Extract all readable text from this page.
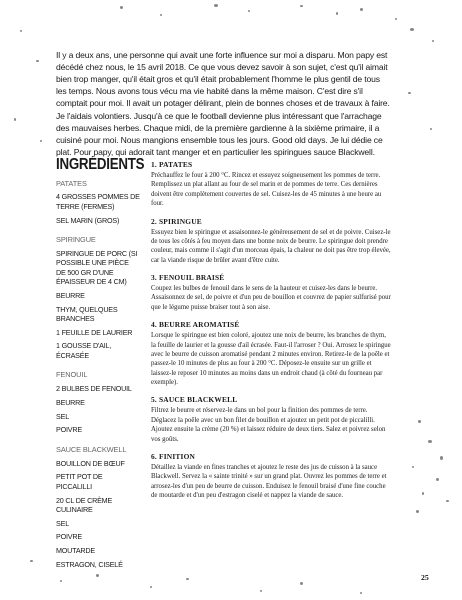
Il y a deux ans, une personne qui avait une forte influence sur moi a disparu. Mon papy est décédé chez nous, le 15 avril 2018. Ce que vous devez savoir à son sujet, c'est qu'il aimait bien trop manger, qu'il était gros et qu'il était probablement l'homme le plus gentil de tous les temps. Nous avons tous vécu ma vie habité dans la même maison. C'est dire s'il comptait pour moi. Il avait un potager délirant, plein de bonnes choses et de travaux à faire. Je l'aidais volontiers. Jusqu'à ce que le football devienne plus intéressant que l'arrachage des mauvaises herbes. Chaque midi, de la première gardienne à la sixième primaire, il a cuisiné pour moi. Nous mangions ensemble tous les jours. Good old days. Je lui dédie ce plat. Pour papy, qui adorait tant manger et en particulier les spiringues sauce Blackwell.

INGRÉDIENTS
PATATES
4 GROSSES POMMES DE TERRE (FERMES)
SEL MARIN (GROS)
SPIRINGUE
SPIRINGUE DE PORC (SI POSSIBLE UNE PIÈCE DE 500 GR D'UNE ÉPAISSEUR DE 4 CM)
BEURRE
THYM, QUELQUES BRANCHES
1 FEUILLE DE LAURIER
1 GOUSSE D'AIL, ÉCRASÉE
FENOUIL
2 BULBES DE FENOUIL
BEURRE
SEL
POIVRE
SAUCE BLACKWELL
BOUILLON DE BŒUF
PETIT POT DE PICCALILLI
20 CL DE CRÈME CULINAIRE
SEL
POIVRE
MOUTARDE
ESTRAGON, CISELÉ
1. PATATES
Préchauffez le four à 200 °C. Rincez et essuyez soigneusement les pommes de terre. Remplissez un plat allant au four de sel marin et de pommes de terre. Ces dernières doivent être complètement couvertes de sel. Cuisez-les de 45 minutes à une heure au four.
2. SPIRINGUE
Essuyez bien le spiringue et assaisonnez-le généreusement de sel et de poivre. Cuisez-le de tous les côtés à feu moyen dans une bonne noix de beurre. Le spiringue doit prendre couleur, mais comme il s'agit d'un morceau épais, la chaleur ne doit pas être trop élevée, car la viande risque de brûler avant d'être cuite.
3. FENOUIL BRAISÉ
Coupez les bulbes de fenouil dans le sens de la hauteur et cuisez-les dans le beurre. Assaisonnez de sel, de poivre et d'un peu de bouillon et couvrez de papier sulfurisé pour que le légume puisse braiser tout à son aise.
4. BEURRE AROMATISÉ
Lorsque le spiringue est bien coloré, ajoutez une noix de beurre, les branches de thym, la feuille de laurier et la gousse d'ail écrasée. Faut-il l'arroser ? Oui. Arrosez le spiringue avec le beurre de cuisson aromatisé pendant 2 minutes environ. Retirez-le de la poêle et passez-le 10 minutes de plus au four à 200 °C. Déposez-le ensuite sur un grille et laissez-le reposer 10 minutes au moins dans un endroit chaud (à côté du fourneau par exemple).
5. SAUCE BLACKWELL
Filtrez le beurre et réservez-le dans un bol pour la finition des pommes de terre. Déglacez la poêle avec un bon filet de bouillon et ajoutez un petit pot de piccalilli. Ajoutez ensuite la crème (20 %) et laissez réduire de deux tiers. Salez et poivrez selon vos goûts.
6. FINITION
Détaillez la viande en fines tranches et ajoutez le reste des jus de cuisson à la sauce Blackwell. Servez la « sainte trinité » sur un grand plat. Ouvrez les pommes de terre et arrosez-les d'un peu de beurre de cuisson. Enduisez le fenouil braisé d'une fine couche de moutarde et d'un peu d'estragon ciselé et nappez la viande de sauce.
25
